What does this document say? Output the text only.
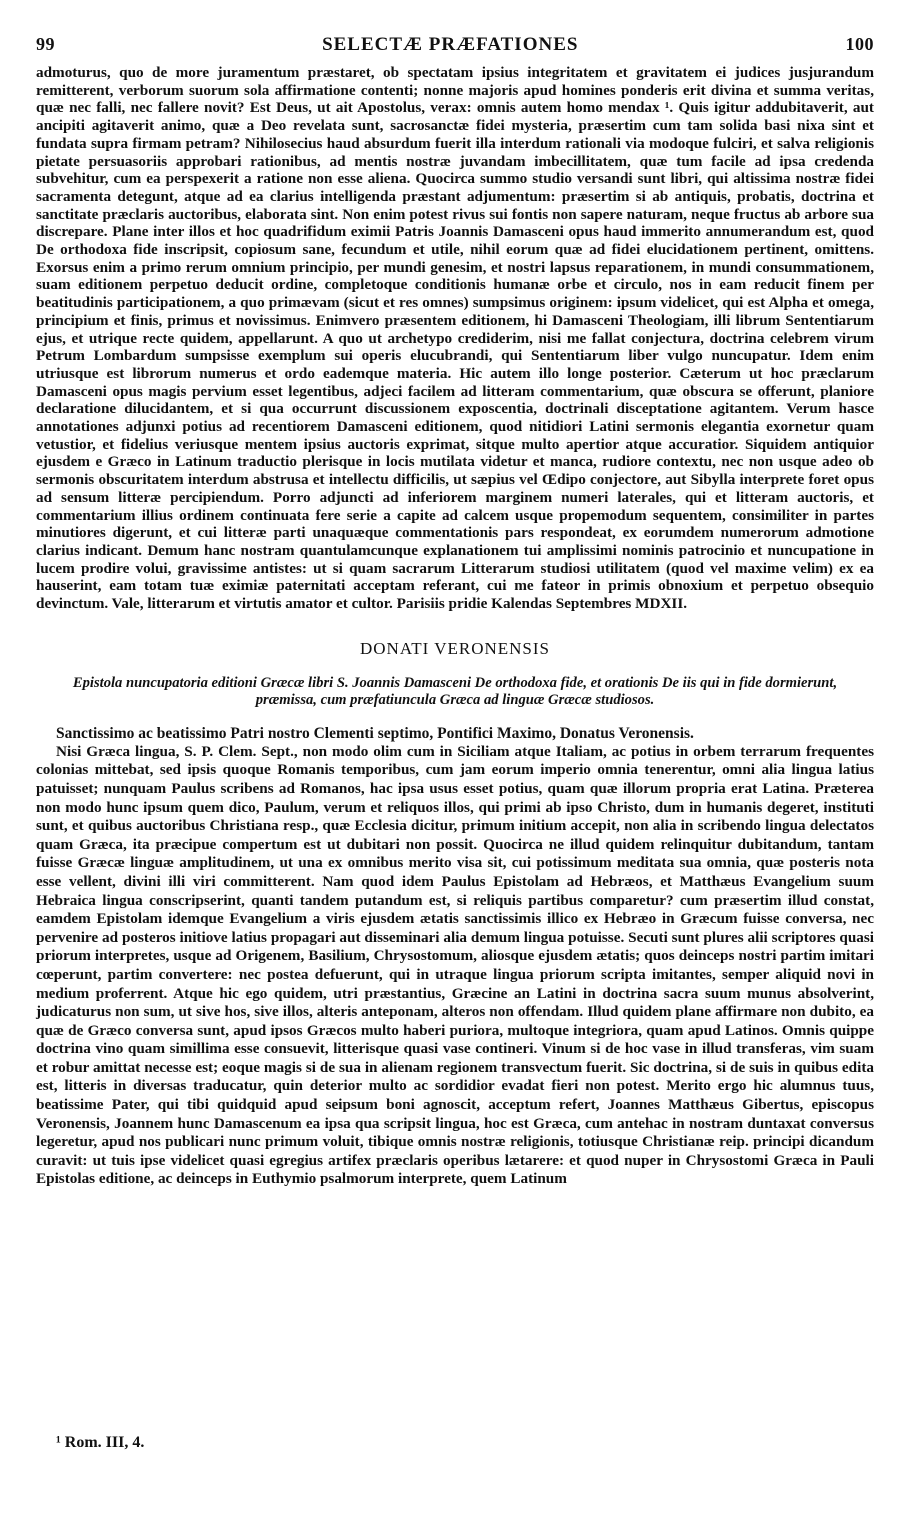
99	SELECTÆ PRÆFATIONES	100

admoturus, quo de more juramentum præstaret, ob spectatam ipsius integritatem et gravitatem ei judices jusjurandum remitterent, verborum suorum sola affirmatione contenti; nonne majoris apud homines ponderis erit divina et summa veritas, quæ nec falli, nec fallere novit? Est Deus, ut ait Apostolus, verax: omnis autem homo mendax ¹. Quis igitur addubitaverit, aut ancipiti agitaverit animo, quæ a Deo revelata sunt, sacrosanctæ fidei mysteria, præsertim cum tam solida basi nixa sint et fundata supra firmam petram? Nihilosecius haud absurdum fuerit illa interdum rationali via modoque fulciri, et salva religionis pietate persuasoriis approbari rationibus, ad mentis nostræ juvandam imbecillitatem, quæ tum facile ad ipsa credenda subvehitur, cum ea perspexerit a ratione non esse aliena. Quocirca summo studio versandi sunt libri, qui altissima nostræ fidei sacramenta detegunt, atque ad ea clarius intelligenda præstant adjumentum: præsertim si ab antiquis, probatis, doctrina et sanctitate præclaris auctoribus, elaborata sint. Non enim potest rivus sui fontis non sapere naturam, neque fructus ab arbore sua discrepare. Plane inter illos et hoc quadrifidum eximii Patris Joannis Damasceni opus haud immerito annumerandum est, quod De orthodoxa fide inscripsit, copiosum sane, fecundum et utile, nihil eorum quæ ad fidei elucidationem pertinent, omittens. Exorsus enim a primo rerum omnium principio, per mundi genesim, et nostri lapsus reparationem, in mundi consummationem, suam editionem perpetuo deducit ordine, completoque conditionis humanæ orbe et circulo, nos in eam reducit finem per beatitudinis participationem, a quo primævam (sicut et res omnes) sumpsimus originem: ipsum videlicet, qui est Alpha et omega, principium et finis, primus et novissimus. Enimvero præsentem editionem, hi Damasceni Theologiam, illi librum Sententiarum ejus, et utrique recte quidem, appellarunt. A quo ut archetypo crediderim, nisi me fallat conjectura, doctrina celebrem virum Petrum Lombardum sumpsisse exemplum sui operis elucubrandi, qui Sententiarum liber vulgo nuncupatur. Idem enim utriusque est librorum numerus et ordo eademque materia. Hic autem illo longe posterior. Cæterum ut hoc præclarum Damasceni opus magis pervium esset legentibus, adjeci facilem ad litteram commentarium, quæ obscura se offerunt, planiore declaratione dilucidantem, et si qua occurrunt discussionem exposcentia, doctrinali disceptatione agitantem. Verum hasce annotationes adjunxi potius ad recentiorem Damasceni editionem, quod nitidiori Latini sermonis elegantia exornetur quam vetustior, et fidelius veriusque mentem ipsius auctoris exprimat, sitque multo apertior atque accuratior. Siquidem antiquior ejusdem e Græco in Latinum traductio plerisque in locis mutilata videtur et manca, rudiore contextu, nec non usque adeo ob sermonis obscuritatem interdum abstrusa et intellectu difficilis, ut sæpius vel Œdipo conjectore, aut Sibylla interprete foret opus ad sensum litteræ percipiendum. Porro adjuncti ad inferiorem marginem numeri laterales, qui et litteram auctoris, et commentarium illius ordinem continuata fere serie a capite ad calcem usque propemodum sequentem, consimiliter in partes minutiores digerunt, et cui litteræ parti unaquæque commentationis pars respondeat, ex eorumdem numerorum admotione clarius indicant. Demum hanc nostram quantulamcunque explanationem tui amplissimi nominis patrocinio et nuncupatione in lucem prodire volui, gravissime antistes: ut si quam sacrarum Litterarum studiosi utilitatem (quod vel maxime velim) ex ea hauserint, eam totam tuæ eximiæ paternitati acceptam referant, cui me fateor in primis obnoxium et perpetuo obsequio devinctum. Vale, litterarum et virtutis amator et cultor. Parisiis pridie Kalendas Septembres MDXII.

DONATI VERONENSIS
Epistola nuncupatoria editioni Græcæ libri S. Joannis Damasceni De orthodoxa fide, et orationis De iis qui in fide dormierunt, præmissa, cum præfatiuncula Græca ad linguæ Græcæ studiosos.
Sanctissimo ac beatissimo Patri nostro Clementi septimo, Pontifici Maximo, Donatus Veronensis.

Nisi Græca lingua, S. P. Clem. Sept., non modo olim cum in Siciliam atque Italiam, ac potius in orbem terrarum frequentes colonias mittebat, sed ipsis quoque Romanis temporibus, cum jam eorum imperio omnia tenerentur, omni alia lingua latius patuisset; nunquam Paulus scribens ad Romanos, hac ipsa usus esset potius, quam quæ illorum propria erat Latina. Præterea non modo hunc ipsum quem dico, Paulum, verum et reliquos illos, qui primi ab ipso Christo, dum in humanis degeret, instituti sunt, et quibus auctoribus Christiana resp., quæ Ecclesia dicitur, primum initium accepit, non alia in scribendo lingua delectatos quam Græca, ita præcipue compertum est ut dubitari non possit. Quocirca ne illud quidem relinquitur dubitandum, tantam fuisse Græcæ linguæ amplitudinem, ut una ex omnibus merito visa sit, cui potissimum meditata sua omnia, quæ posteris nota esse vellent, divini illi viri committerent. Nam quod idem Paulus Epistolam ad Hebræos, et Matthæus Evangelium suum Hebraica lingua conscripserint, quanti tandem putandum est, si reliquis partibus comparetur? cum præsertim illud constat, eamdem Epistolam idemque Evangelium a viris ejusdem ætatis sanctissimis illico ex Hebræo in Græcum fuisse conversa, nec pervenire ad posteros initiove latius propagari aut disseminari alia demum lingua potuisse. Secuti sunt plures alii scriptores quasi priorum interpretes, usque ad Origenem, Basilium, Chrysostomum, aliosque ejusdem ætatis; quos deinceps nostri partim imitari cœperunt, partim convertere: nec postea defuerunt, qui in utraque lingua priorum scripta imitantes, semper aliquid novi in medium proferrent. Atque hic ego quidem, utri præstantius, Græcine an Latini in doctrina sacra suum munus absolverint, judicaturus non sum, ut sive hos, sive illos, alteris anteponam, alteros non offendam. Illud quidem plane affirmare non dubito, ea quæ de Græco conversa sunt, apud ipsos Græcos multo haberi puriora, multoque integriora, quam apud Latinos. Omnis quippe doctrina vino quam simillima esse consuevit, litterisque quasi vase contineri. Vinum si de hoc vase in illud transferas, vim suam et robur amittat necesse est; eoque magis si de sua in alienam regionem transvectum fuerit. Sic doctrina, si de suis in quibus edita est, litteris in diversas traducatur, quin deterior multo ac sordidior evadat fieri non potest. Merito ergo hic alumnus tuus, beatissime Pater, qui tibi quidquid apud seipsum boni agnoscit, acceptum refert, Joannes Matthæus Gibertus, episcopus Veronensis, Joannem hunc Damascenum ea ipsa qua scripsit lingua, hoc est Græca, cum antehac in nostram duntaxat conversus legeretur, apud nos publicari nunc primum voluit, tibique omnis nostræ religionis, totiusque Christianæ reip. principi dicandum curavit: ut tuis ipse videlicet quasi egregius artifex præclaris operibus lætarere: et quod nuper in Chrysostomi Græca in Pauli Epistolas editione, ac deinceps in Euthymio psalmorum interprete, quem Latinum

¹ Rom. III, 4.
